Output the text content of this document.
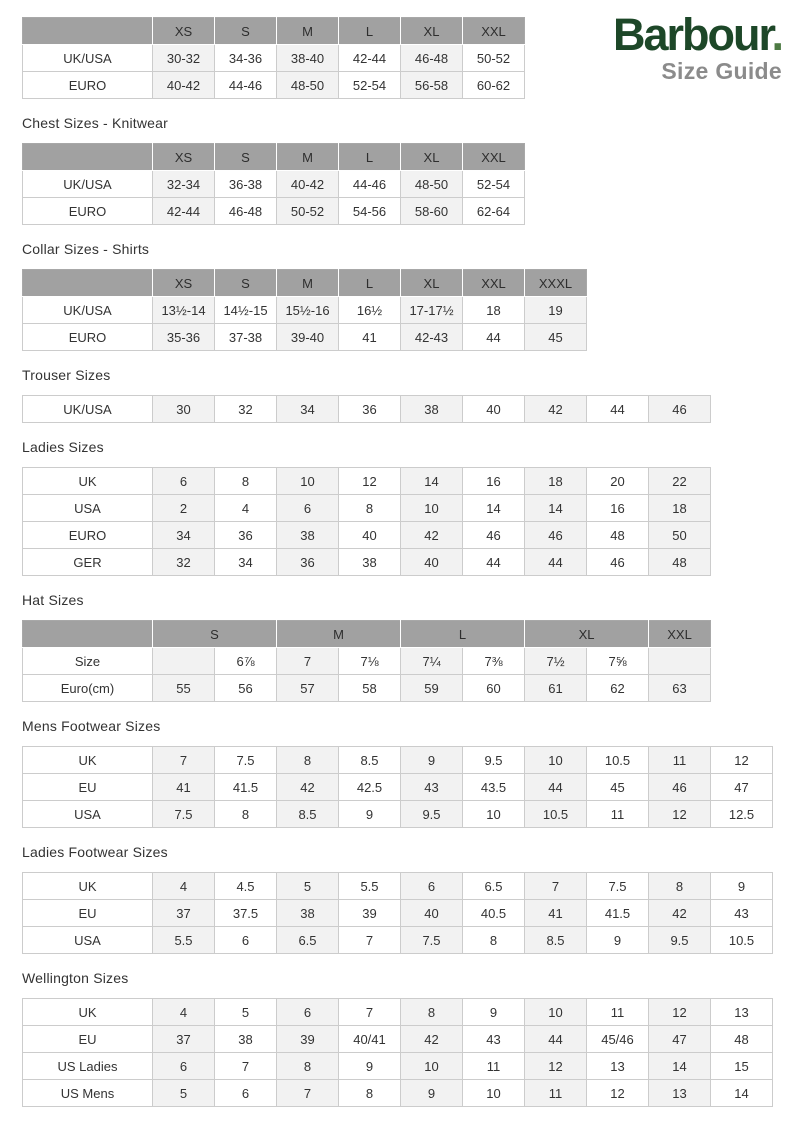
Barbour.
Size Guide
	XS	S	M	L	XL	XXL
UK/USA	30-32	34-36	38-40	42-44	46-48	50-52
EURO	40-42	44-46	48-50	52-54	56-58	60-62
Chest Sizes - Knitwear
	XS	S	M	L	XL	XXL
UK/USA	32-34	36-38	40-42	44-46	48-50	52-54
EURO	42-44	46-48	50-52	54-56	58-60	62-64
Collar Sizes - Shirts
	XS	S	M	L	XL	XXL	XXXL
UK/USA	13½-14	14½-15	15½-16	16½	17-17½	18	19
EURO	35-36	37-38	39-40	41	42-43	44	45
Trouser Sizes
UK/USA	30	32	34	36	38	40	42	44	46
Ladies Sizes
UK	6	8	10	12	14	16	18	20	22
USA	2	4	6	8	10	14	14	16	18
EURO	34	36	38	40	42	46	46	48	50
GER	32	34	36	38	40	44	44	46	48
Hat Sizes
	S		M		L		XL		XXL
Size		6⅞	7	7⅛	7¼	7⅜	7½	7⅝	
Euro(cm)	55	56	57	58	59	60	61	62	63
Mens Footwear Sizes
UK	7	7.5	8	8.5	9	9.5	10	10.5	11	12
EU	41	41.5	42	42.5	43	43.5	44	45	46	47
USA	7.5	8	8.5	9	9.5	10	10.5	11	12	12.5
Ladies Footwear Sizes
UK	4	4.5	5	5.5	6	6.5	7	7.5	8	9
EU	37	37.5	38	39	40	40.5	41	41.5	42	43
USA	5.5	6	6.5	7	7.5	8	8.5	9	9.5	10.5
Wellington Sizes
UK	4	5	6	7	8	9	10	11	12	13
EU	37	38	39	40/41	42	43	44	45/46	47	48
US Ladies	6	7	8	9	10	11	12	13	14	15
US Mens	5	6	7	8	9	10	11	12	13	14
